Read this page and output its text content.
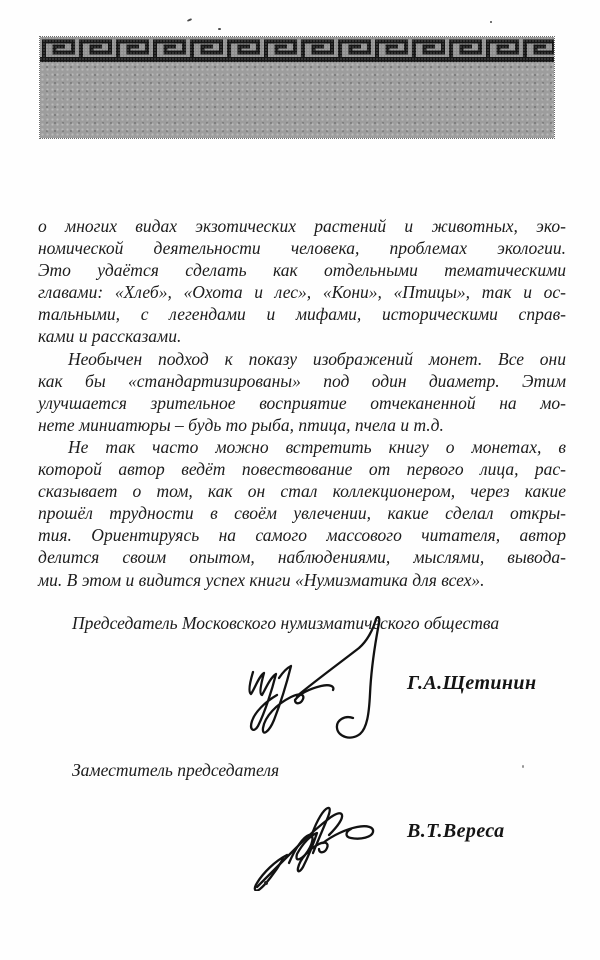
о многих видах экзотических растений и животных, эко-
номической деятельности человека, проблемах экологии.
Это удаётся сделать как отдельными тематическими
главами: «Хлеб», «Охота и лес», «Кони», «Птицы», так и ос-
тальными, с легендами и мифами, историческими справ-
ками и рассказами.
Необычен подход к показу изображений монет. Все они
как бы «стандартизированы» под один диаметр. Этим
улучшается зрительное восприятие отчеканенной на мо-
нете миниатюры – будь то рыба, птица, пчела и т.д.
Не так часто можно встретить книгу о монетах, в
которой автор ведёт повествование от первого лица, рас-
сказывает о том, как он стал коллекционером, через какие
прошёл трудности в своём увлечении, какие сделал откры-
тия. Ориентируясь на самого массового читателя, автор
делится своим опытом, наблюдениями, мыслями, вывода-
ми. В этом и видится успех книги «Нумизматика для всех».
Председатель Московского нумизматического общества
Г.А.Щетинин
Заместитель председателя
В.Т.Вереса
